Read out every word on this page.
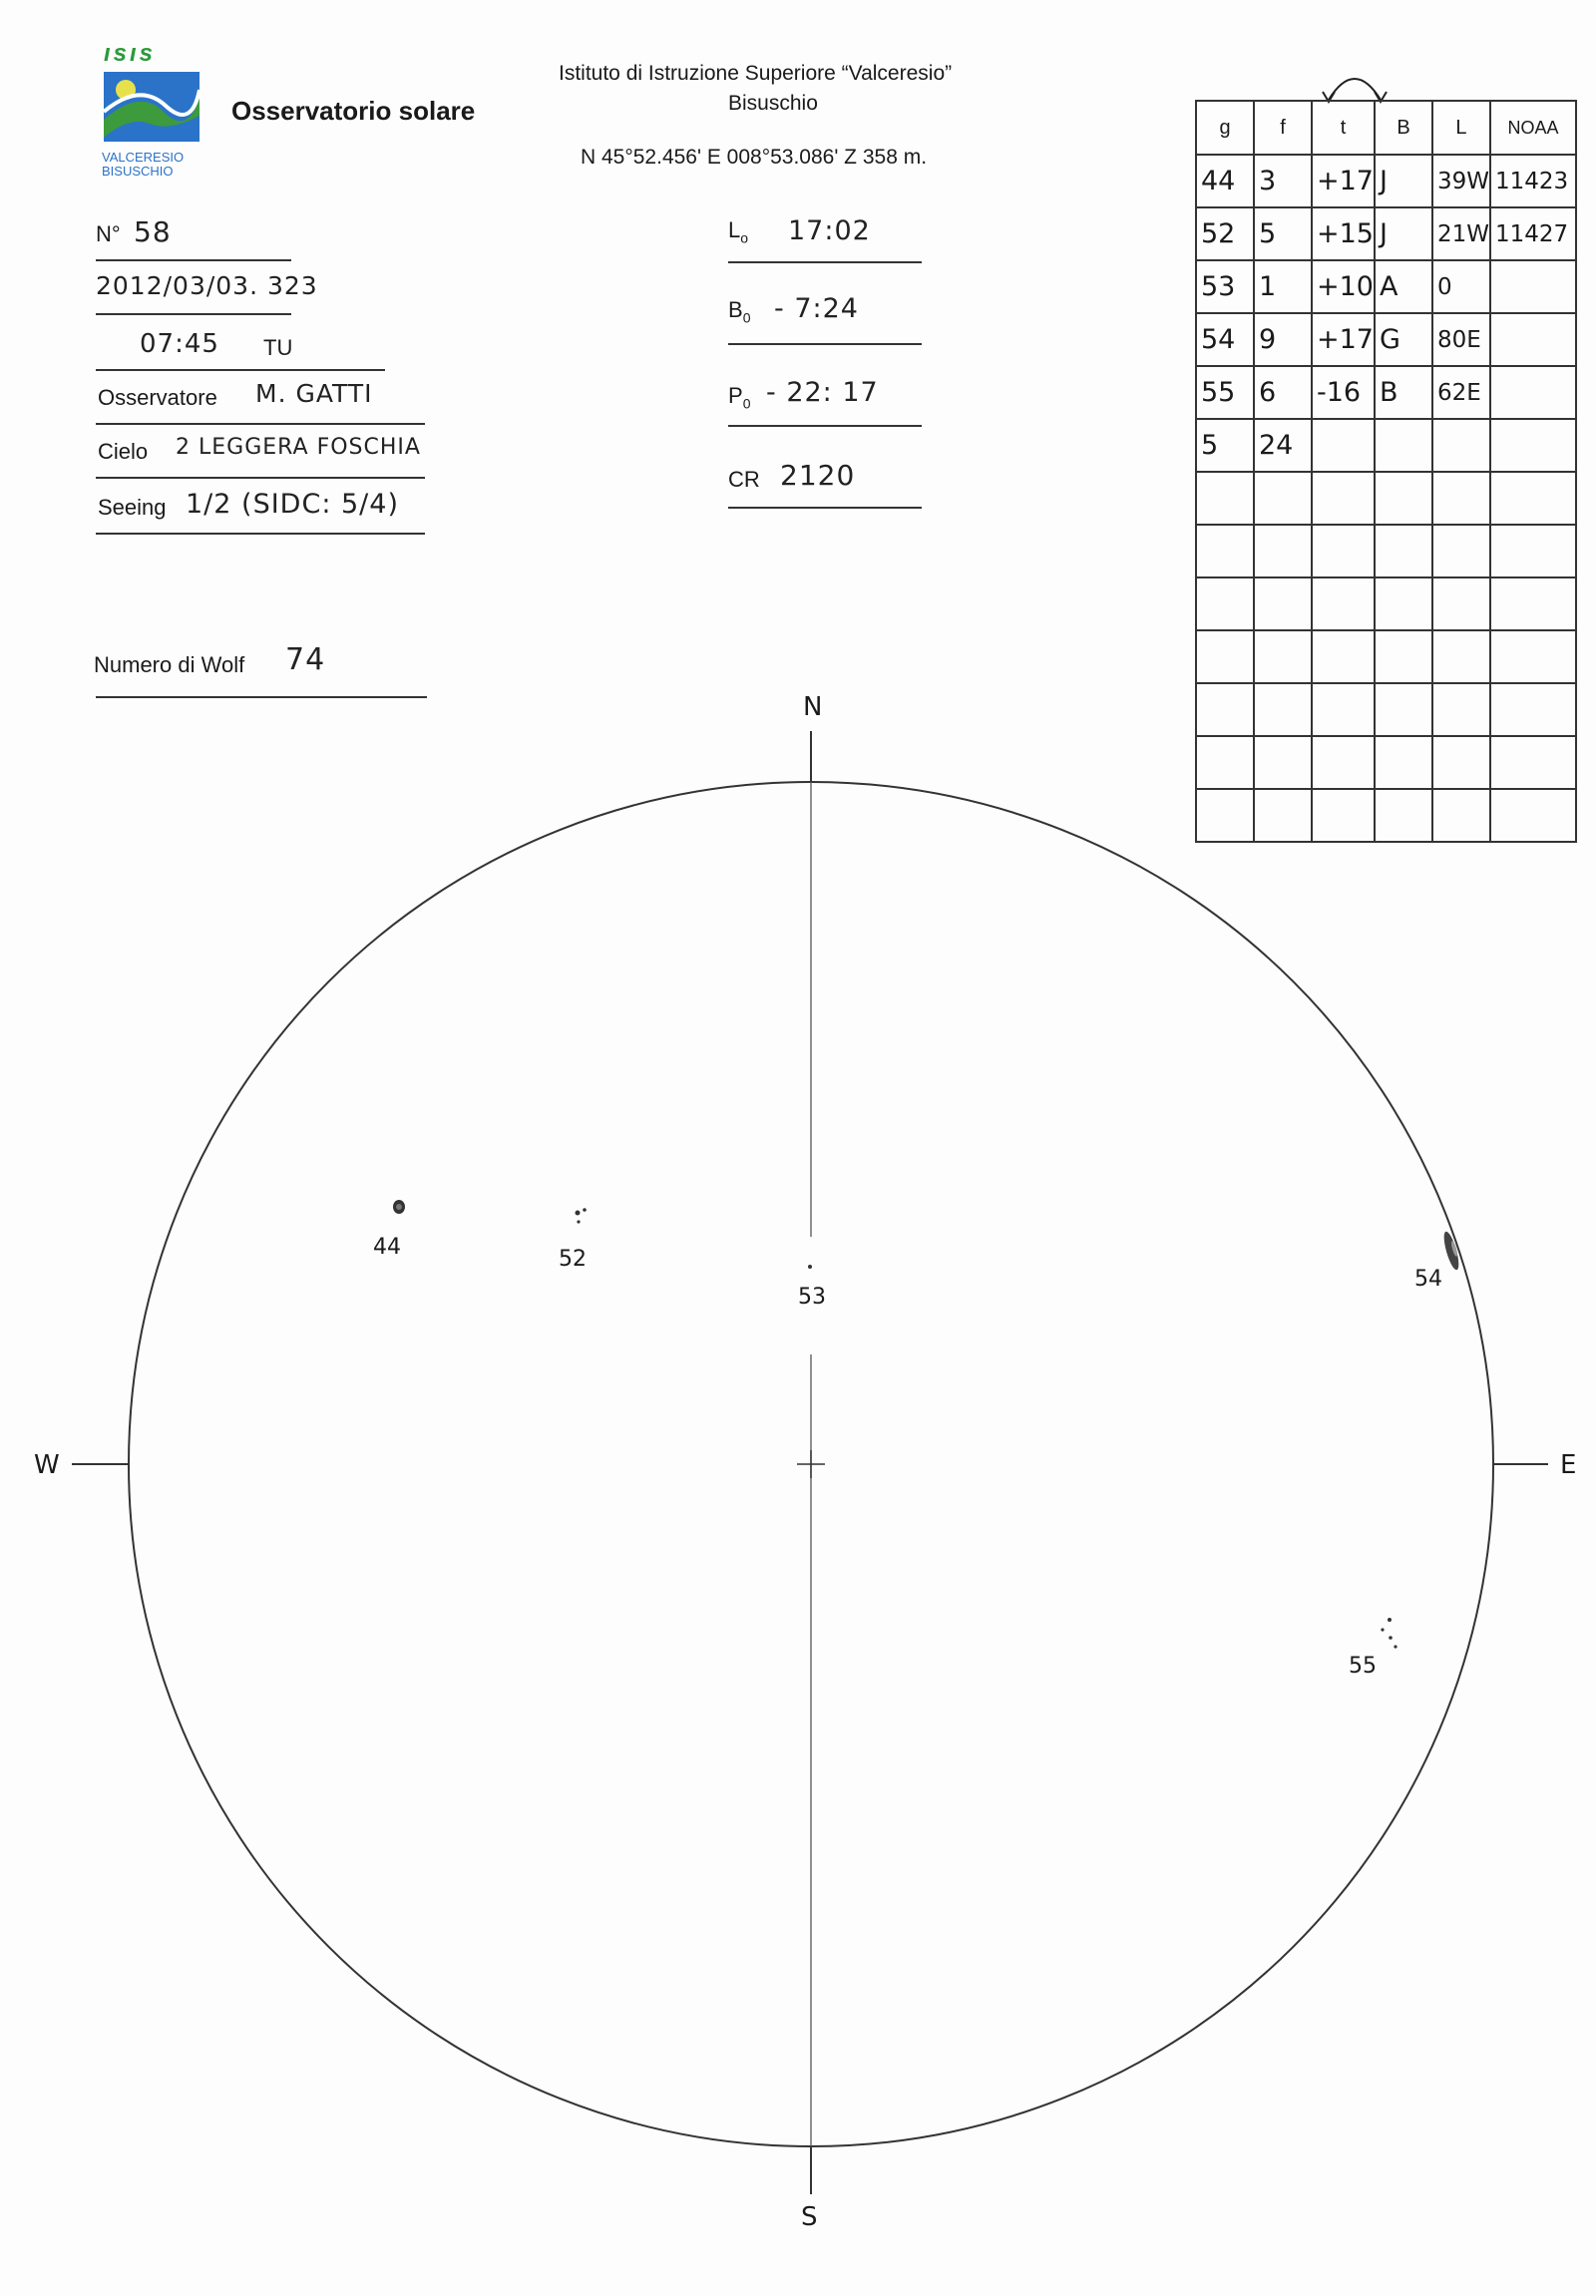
ısıs
VALCERESIO
BISUSCHIO
Osservatorio solare
Istituto di Istruzione Superiore “Valceresio”
Bisuschio
N 45°52.456' E 008°53.086' Z 358 m.
N° 58
2012/03/03. 323
07:45 TU
Osservatore M. GATTI
Cielo 2 LEGGERA FOSCHIA
Seeing 1/2 (SIDC: 5/4)
Numero di Wolf 74
$L_o$ 17:02
$B_0$ - 7:24
$P_0 - 22$: 17
CR 2120
g	f	t	B	L	NOAA
44	3	+17	J	39W	11423
52	5	+15	J	21W	11427
53	1	+10	A	0	
54	9	+17	G	80E	
55	6	-16	B	62E	
5	24				

N
S
W	E
44	52
53
54
55
